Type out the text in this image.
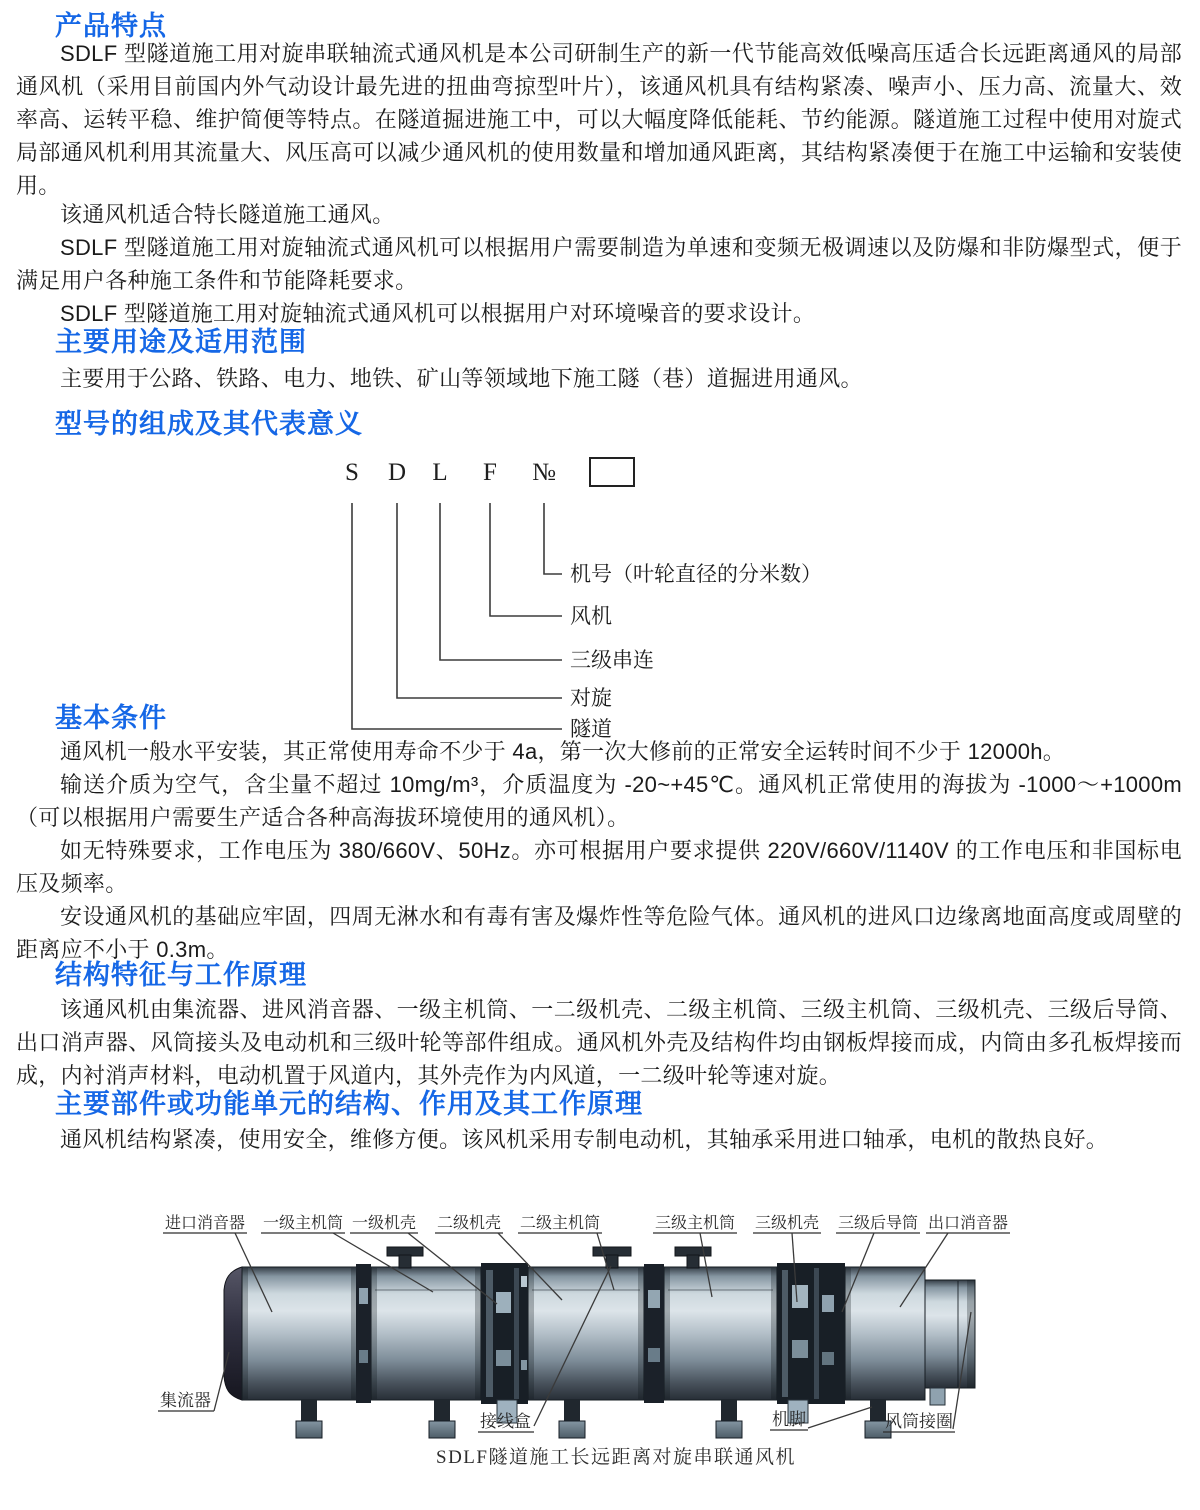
产品特点
SDLF 型隧道施工用对旋串联轴流式通风机是本公司研制生产的新一代节能高效低噪高压适合长远距离通风的局部通风机（采用目前国内外气动设计最先进的扭曲弯掠型叶片），该通风机具有结构紧凑、噪声小、压力高、流量大、效率高、运转平稳、维护简便等特点。在隧道掘进施工中，可以大幅度降低能耗、节约能源。隧道施工过程中使用对旋式局部通风机利用其流量大、风压高可以减少通风机的使用数量和增加通风距离，其结构紧凑便于在施工中运输和安装使用。
该通风机适合特长隧道施工通风。
SDLF 型隧道施工用对旋轴流式通风机可以根据用户需要制造为单速和变频无极调速以及防爆和非防爆型式，便于满足用户各种施工条件和节能降耗要求。
SDLF 型隧道施工用对旋轴流式通风机可以根据用户对环境噪音的要求设计。
主要用途及适用范围
主要用于公路、铁路、电力、地铁、矿山等领域地下施工隧（巷）道掘进用通风。
型号的组成及其代表意义
S D L F №
机号（叶轮直径的分米数）
风机
三级串连
对旋
隧道
基本条件
通风机一般水平安装，其正常使用寿命不少于 4a，第一次大修前的正常安全运转时间不少于 12000h。
输送介质为空气，含尘量不超过 10mg/m³，介质温度为 -20~+45℃。通风机正常使用的海拔为 -1000～+1000m（可以根据用户需要生产适合各种高海拔环境使用的通风机）。
如无特殊要求，工作电压为 380/660V、50Hz。亦可根据用户要求提供 220V/660V/1140V 的工作电压和非国标电压及频率。
安设通风机的基础应牢固，四周无淋水和有毒有害及爆炸性等危险气体。通风机的进风口边缘离地面高度或周壁的距离应不小于 0.3m。
结构特征与工作原理
该通风机由集流器、进风消音器、一级主机筒、一二级机壳、二级主机筒、三级主机筒、三级机壳、三级后导筒、出口消声器、风筒接头及电动机和三级叶轮等部件组成。通风机外壳及结构件均由钢板焊接而成，内筒由多孔板焊接而成，内衬消声材料，电动机置于风道内，其外壳作为内风道，一二级叶轮等速对旋。
主要部件或功能单元的结构、作用及其工作原理
通风机结构紧凑，使用安全，维修方便。该风机采用专制电动机，其轴承采用进口轴承，电机的散热良好。
进口消音器 一级主机筒 一级机壳 二级机壳 二级主机筒	三级主机筒 三级机壳 三级后导筒 出口消音器
集流器
接线盒	机脚	风筒接圈
SDLF隧道施工长远距离对旋串联通风机
